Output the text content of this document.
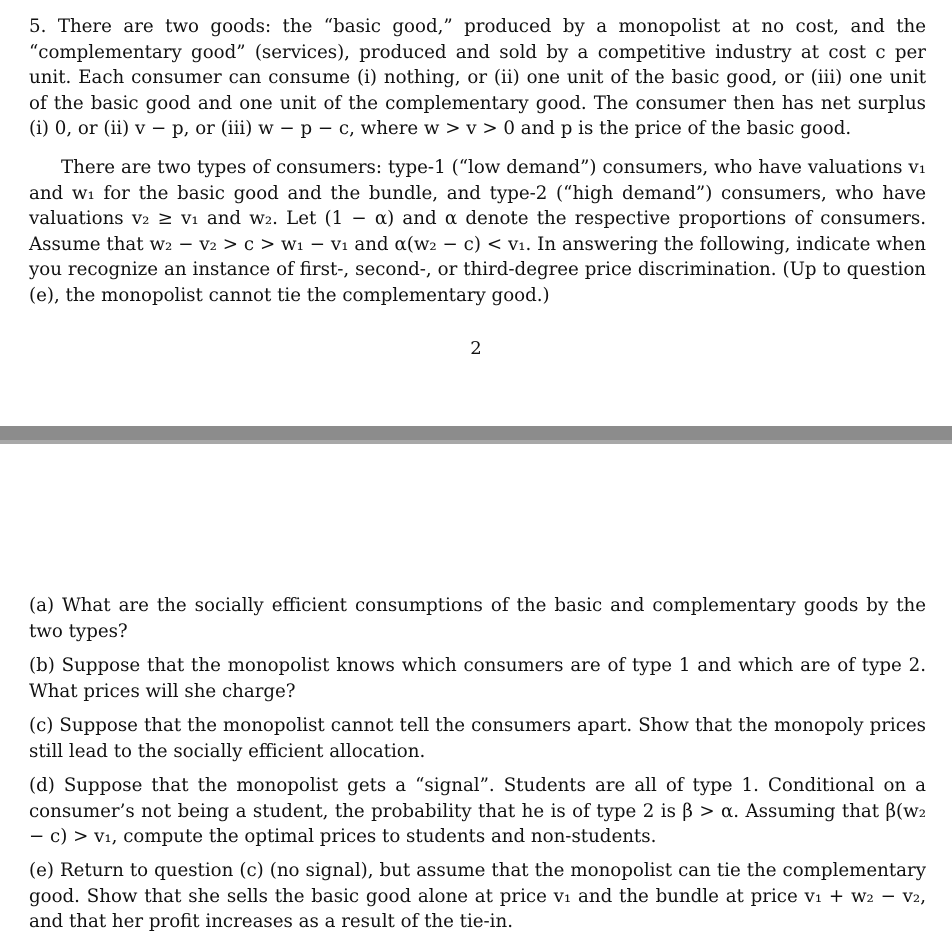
5. There are two goods: the “basic good,” produced by a monopolist at no cost, and the “complementary good” (services), produced and sold by a competitive industry at cost c per unit. Each consumer can consume (i) nothing, or (ii) one unit of the basic good, or (iii) one unit of the basic good and one unit of the complementary good. The consumer then has net surplus (i) 0, or (ii) v − p, or (iii) w − p − c, where w > v > 0 and p is the price of the basic good.

There are two types of consumers: type-1 (“low demand”) consumers, who have valuations v₁ and w₁ for the basic good and the bundle, and type-2 (“high demand”) consumers, who have valuations v₂ ≥ v₁ and w₂. Let (1 − α) and α denote the respective proportions of consumers. Assume that w₂ − v₂ > c > w₁ − v₁ and α(w₂ − c) < v₁. In answering the following, indicate when you recognize an instance of first-, second-, or third-degree price discrimination. (Up to question (e), the monopolist cannot tie the complementary good.)

2

(a) What are the socially efficient consumptions of the basic and complementary goods by the two types?

(b) Suppose that the monopolist knows which consumers are of type 1 and which are of type 2. What prices will she charge?

(c) Suppose that the monopolist cannot tell the consumers apart. Show that the monopoly prices still lead to the socially efficient allocation.

(d) Suppose that the monopolist gets a “signal”. Students are all of type 1. Conditional on a consumer’s not being a student, the probability that he is of type 2 is β > α. Assuming that β(w₂ − c) > v₁, compute the optimal prices to students and non-students.

(e) Return to question (c) (no signal), but assume that the monopolist can tie the complementary good. Show that she sells the basic good alone at price v₁ and the bundle at price v₁ + w₂ − v₂, and that her profit increases as a result of the tie-in.
